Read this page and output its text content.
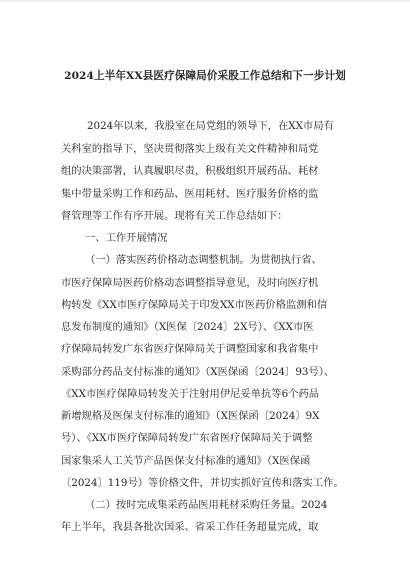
2024上半年XX县医疗保障局价采股工作总结和下一步计划
2024年以来，我股室在局党组的领导下，在XX市局有
关科室的指导下，坚决贯彻落实上级有关文件精神和局党
组的决策部署，认真履职尽责，积极组织开展药品、耗材
集中带量采购工作和药品、医用耗材、医疗服务价格的监
督管理等工作有序开展。现将有关工作总结如下：
一、工作开展情况
（一）落实医药价格动态调整机制。为贯彻执行省、
市医疗保障局医药价格动态调整指导意见，及时向医疗机
构转发《XX市医疗保障局关于印发XX市医药价格监测和信
息发布制度的通知》（X医保〔2024〕2X号）、《XX市医
疗保障局转发广东省医疗保障局关于调整国家和我省集中
采购部分药品支付标准的通知》（X医保函〔2024〕93号）、
《XX市医疗保障局转发关于注射用伊尼妥单抗等6个药品
新增规格及医保支付标准的通知》（X医保函〔2024〕9X
号）、《XX市医疗保障局转发广东省医疗保障局关于调整
国家集采人工关节产品医保支付标准的通知》（X医保函
〔2024〕119号）等价格文件，并切实抓好宣传和落实工作。
（二）按时完成集采药品医用耗材采购任务量。2024
年上半年，我县各批次国采、省采工作任务超量完成，取
